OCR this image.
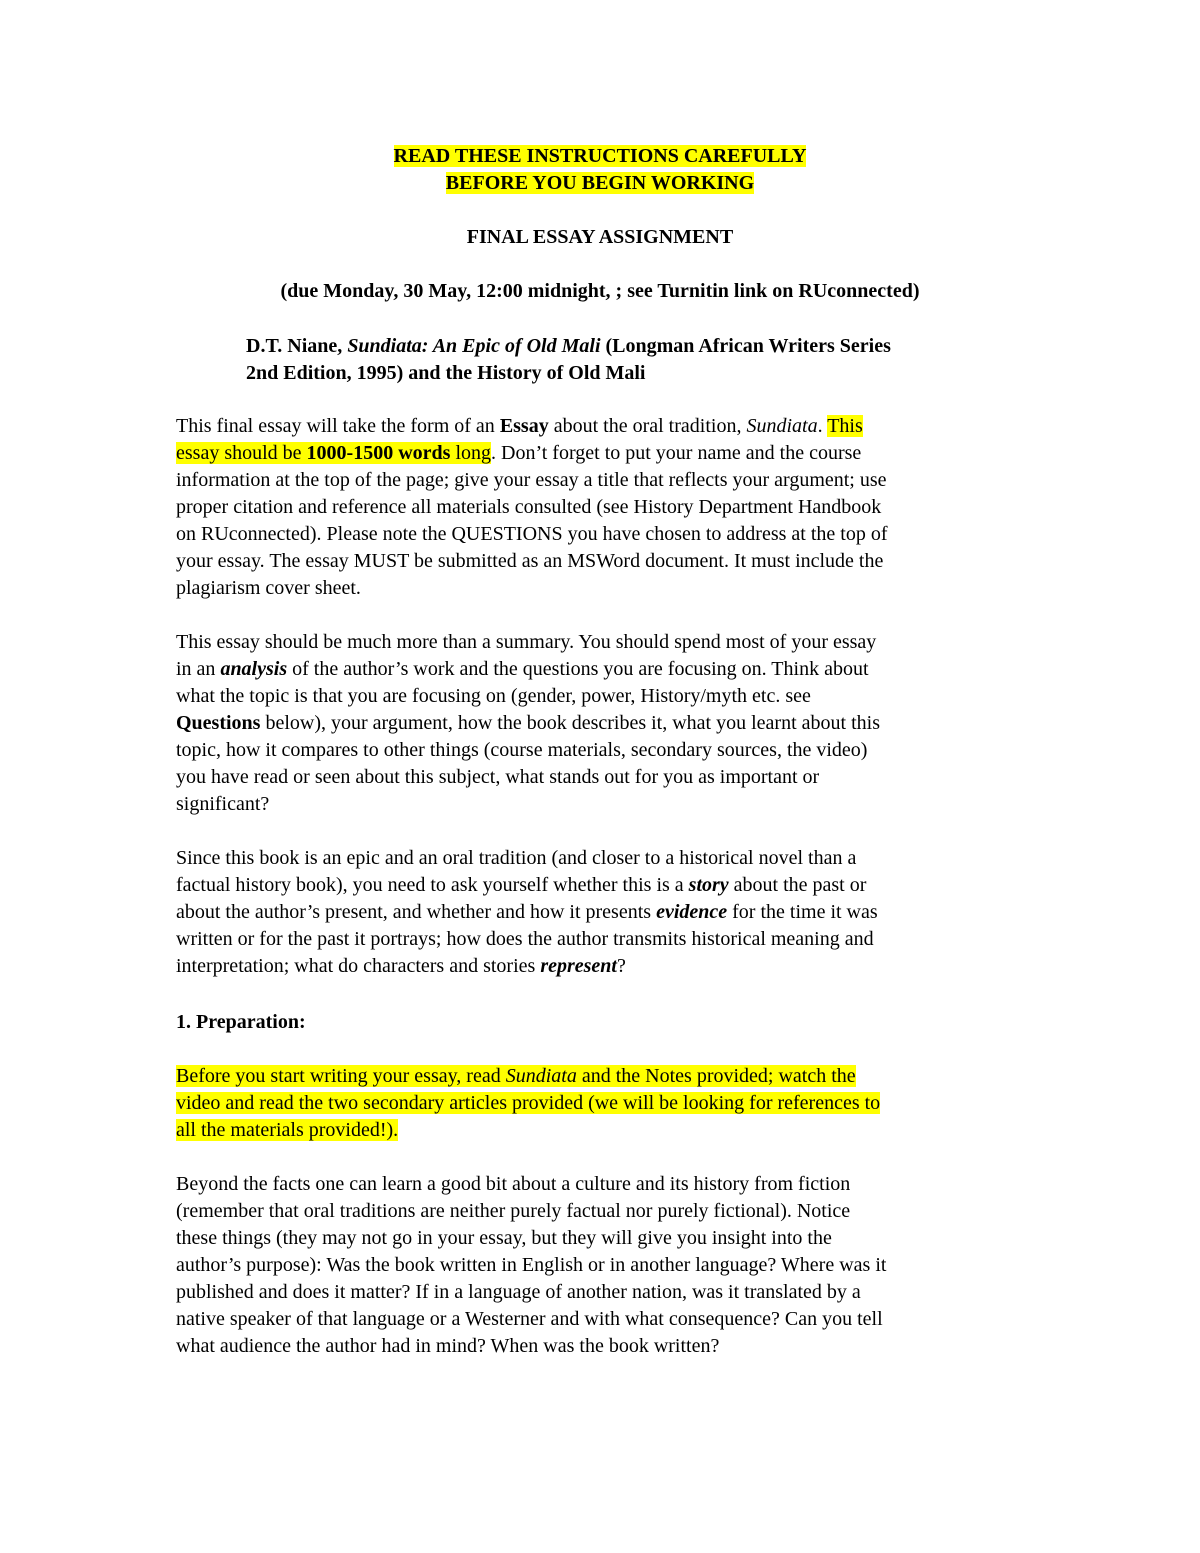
READ THESE INSTRUCTIONS CAREFULLY
BEFORE YOU BEGIN WORKING
FINAL ESSAY ASSIGNMENT
(due Monday, 30 May, 12:00 midnight, ; see Turnitin link on RUconnected)
D.T. Niane, Sundiata: An Epic of Old Mali (Longman African Writers Series
2nd Edition, 1995) and the History of Old Mali
This final essay will take the form of an Essay about the oral tradition, Sundiata. This
essay should be 1000-1500 words long. Don’t forget to put your name and the course
information at the top of the page; give your essay a title that reflects your argument; use
proper citation and reference all materials consulted (see History Department Handbook
on RUconnected). Please note the QUESTIONS you have chosen to address at the top of
your essay. The essay MUST be submitted as an MSWord document. It must include the
plagiarism cover sheet.
This essay should be much more than a summary. You should spend most of your essay
in an analysis of the author’s work and the questions you are focusing on. Think about
what the topic is that you are focusing on (gender, power, History/myth etc. see
Questions below), your argument, how the book describes it, what you learnt about this
topic, how it compares to other things (course materials, secondary sources, the video)
you have read or seen about this subject, what stands out for you as important or
significant?
Since this book is an epic and an oral tradition (and closer to a historical novel than a
factual history book), you need to ask yourself whether this is a story about the past or
about the author’s present, and whether and how it presents evidence for the time it was
written or for the past it portrays; how does the author transmits historical meaning and
interpretation; what do characters and stories represent?
1. Preparation:
Before you start writing your essay, read Sundiata and the Notes provided; watch the
video and read the two secondary articles provided (we will be looking for references to
all the materials provided!).
Beyond the facts one can learn a good bit about a culture and its history from fiction
(remember that oral traditions are neither purely factual nor purely fictional). Notice
these things (they may not go in your essay, but they will give you insight into the
author’s purpose): Was the book written in English or in another language? Where was it
published and does it matter? If in a language of another nation, was it translated by a
native speaker of that language or a Westerner and with what consequence? Can you tell
what audience the author had in mind? When was the book written?
